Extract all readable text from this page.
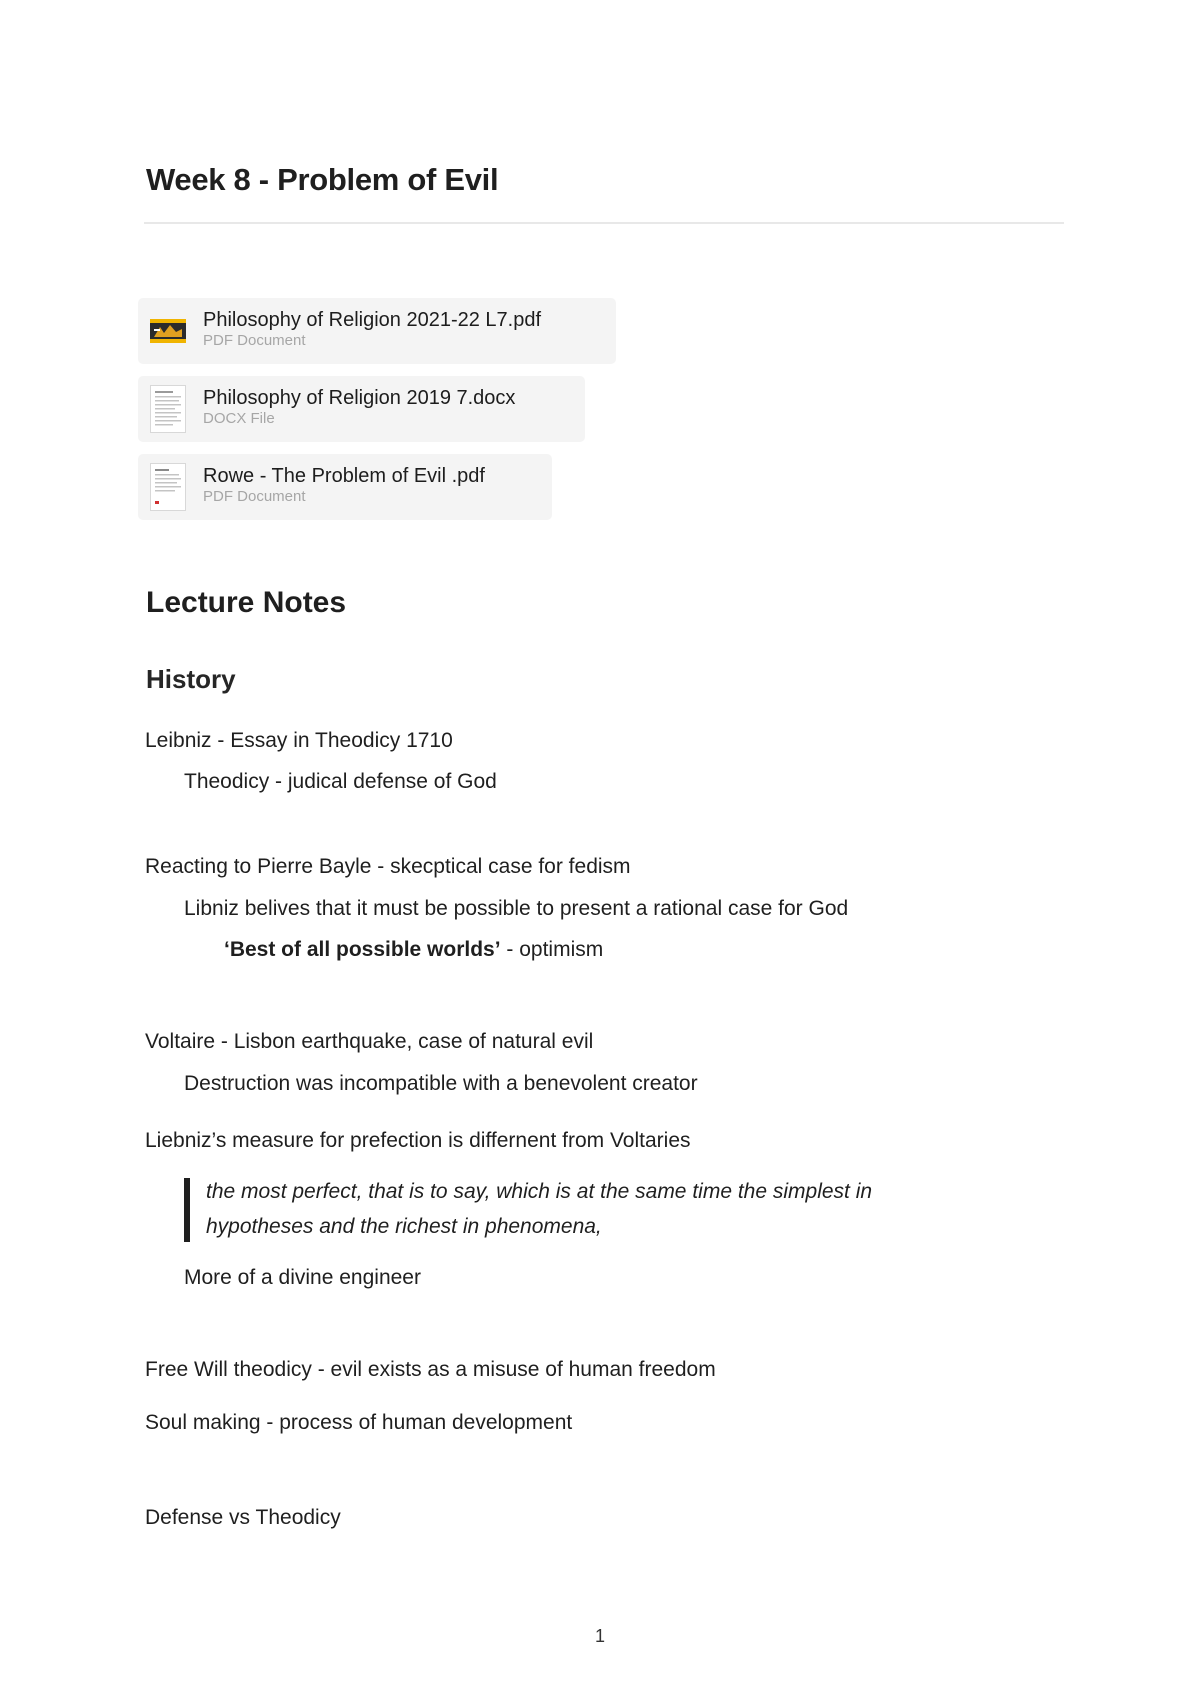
Week 8 - Problem of Evil
Philosophy of Religion 2021-22 L7.pdf
PDF Document
Philosophy of Religion 2019 7.docx
DOCX File
Rowe - The Problem of Evil .pdf
PDF Document
Lecture Notes
History

Leibniz - Essay in Theodicy 1710

Theodicy - judical defense of God

Reacting to Pierre Bayle - skecptical case for fedism

Libniz belives that it must be possible to present a rational case for God

‘Best of all possible worlds’ - optimism

Voltaire - Lisbon earthquake, case of natural evil

Destruction was incompatible with a benevolent creator

Liebniz’s measure for prefection is differnent from Voltaries

the most perfect, that is to say, which is at the same time the simplest in hypotheses and the richest in phenomena,

More of a divine engineer

Free Will theodicy - evil exists as a misuse of human freedom

Soul making - process of human development

Defense vs Theodicy

1
